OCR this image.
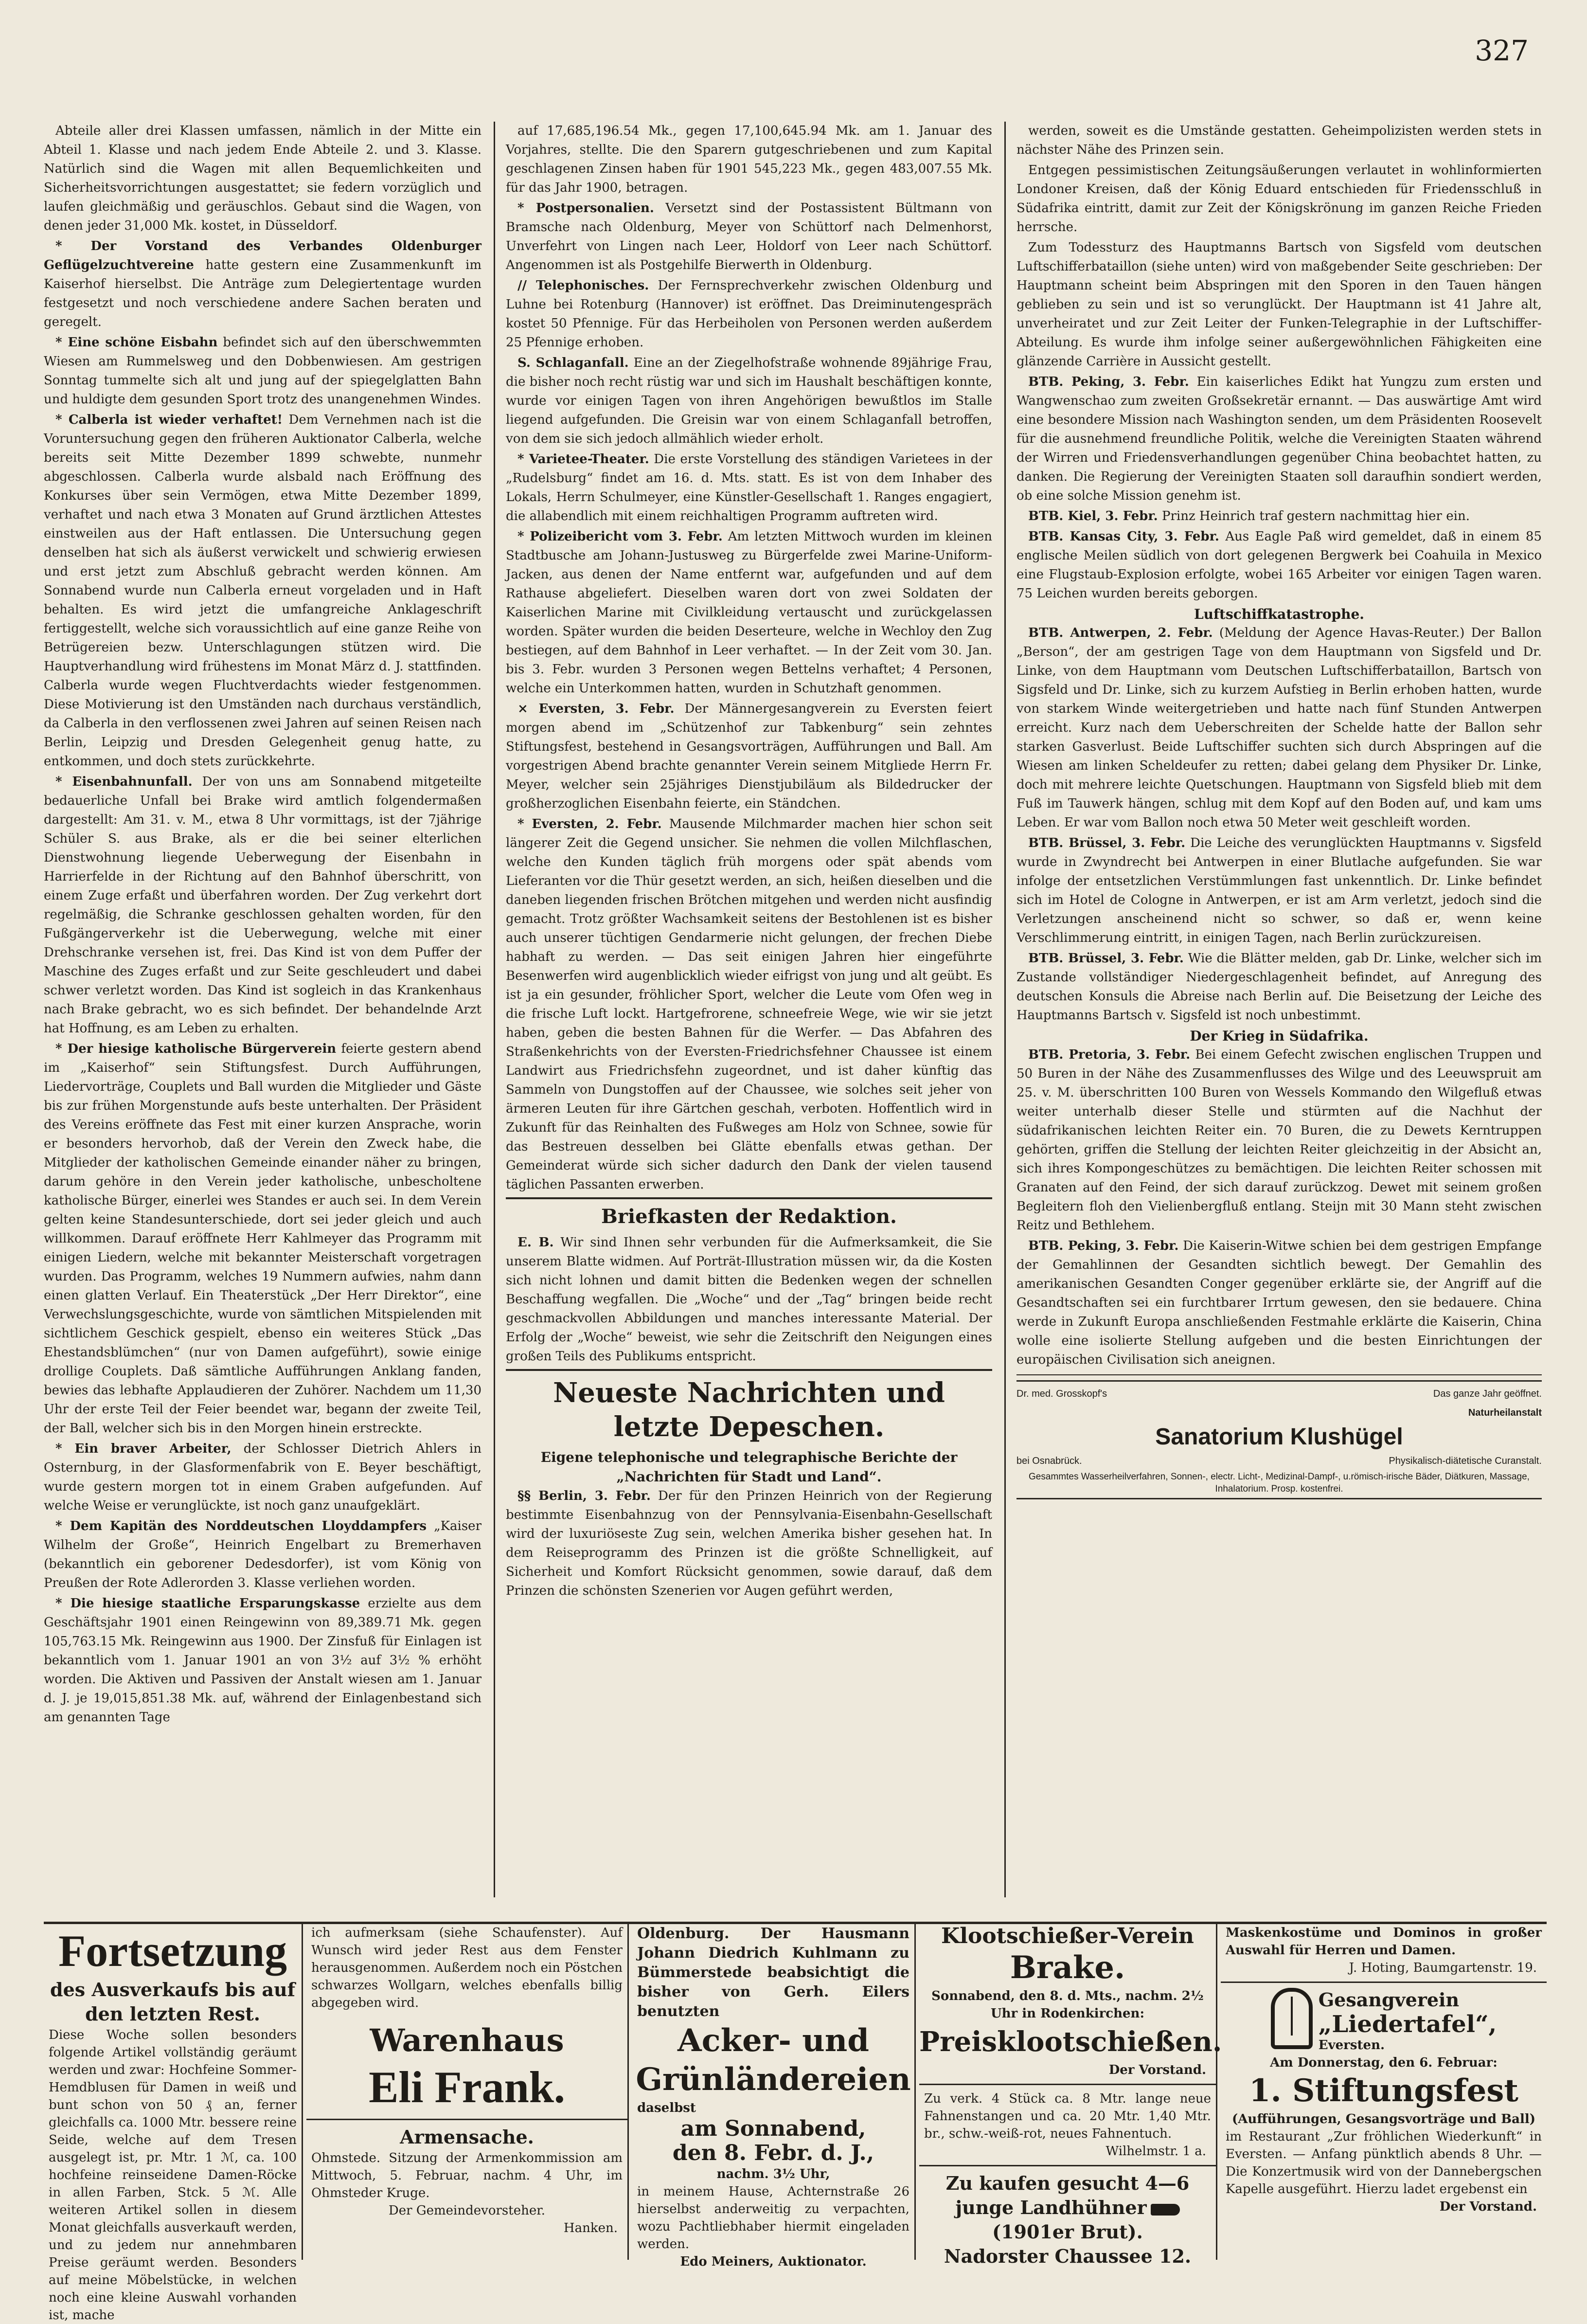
327

Abteile aller drei Klassen umfassen, nämlich in der Mitte ein Abteil 1. Klasse und nach jedem Ende Abteile 2. und 3. Klasse. Natürlich sind die Wagen mit allen Bequemlichkeiten und Sicherheitsvorrichtungen ausgestattet; sie federn vorzüglich und laufen gleichmäßig und geräuschlos. Gebaut sind die Wagen, von denen jeder 31,000 Mk. kostet, in Düsseldorf.

* Der Vorstand des Verbandes Oldenburger Geflügelzuchtvereine hatte gestern eine Zusammenkunft im Kaiserhof hierselbst. Die Anträge zum Delegiertentage wurden festgesetzt und noch verschiedene andere Sachen beraten und geregelt.

* Eine schöne Eisbahn befindet sich auf den überschwemmten Wiesen am Rummelsweg und den Dobbenwiesen. Am gestrigen Sonntag tummelte sich alt und jung auf der spiegelglatten Bahn und huldigte dem gesunden Sport trotz des unangenehmen Windes.

* Calberla ist wieder verhaftet! Dem Vernehmen nach ist die Voruntersuchung gegen den früheren Auktionator Calberla, welche bereits seit Mitte Dezember 1899 schwebte, nunmehr abgeschlossen. Calberla wurde alsbald nach Eröffnung des Konkurses über sein Vermögen, etwa Mitte Dezember 1899, verhaftet und nach etwa 3 Monaten auf Grund ärztlichen Attestes einstweilen aus der Haft entlassen. Die Untersuchung gegen denselben hat sich als äußerst verwickelt und schwierig erwiesen und erst jetzt zum Abschluß gebracht werden können. Am Sonnabend wurde nun Calberla erneut vorgeladen und in Haft behalten. Es wird jetzt die umfangreiche Anklageschrift fertiggestellt, welche sich voraussichtlich auf eine ganze Reihe von Betrügereien bezw. Unterschlagungen stützen wird. Die Hauptverhandlung wird frühestens im Monat März d. J. stattfinden. Calberla wurde wegen Fluchtverdachts wieder festgenommen. Diese Motivierung ist den Umständen nach durchaus verständlich, da Calberla in den verflossenen zwei Jahren auf seinen Reisen nach Berlin, Leipzig und Dresden Gelegenheit genug hatte, zu entkommen, und doch stets zurückkehrte.

* Eisenbahnunfall. Der von uns am Sonnabend mitgeteilte bedauerliche Unfall bei Brake wird amtlich folgendermaßen dargestellt: Am 31. v. M., etwa 8 Uhr vormittags, ist der 7jährige Schüler S. aus Brake, als er die bei seiner elterlichen Dienstwohnung liegende Ueberwegung der Eisenbahn in Harrierfelde in der Richtung auf den Bahnhof überschritt, von einem Zuge erfaßt und überfahren worden. Der Zug verkehrt dort regelmäßig, die Schranke geschlossen gehalten worden, für den Fußgängerverkehr ist die Ueberwegung, welche mit einer Drehschranke versehen ist, frei. Das Kind ist von dem Puffer der Maschine des Zuges erfaßt und zur Seite geschleudert und dabei schwer verletzt worden. Das Kind ist sogleich in das Krankenhaus nach Brake gebracht, wo es sich befindet. Der behandelnde Arzt hat Hoffnung, es am Leben zu erhalten.

* Der hiesige katholische Bürgerverein feierte gestern abend im „Kaiserhof“ sein Stiftungsfest. Durch Aufführungen, Liedervorträge, Couplets und Ball wurden die Mitglieder und Gäste bis zur frühen Morgenstunde aufs beste unterhalten. Der Präsident des Vereins eröffnete das Fest mit einer kurzen Ansprache, worin er besonders hervorhob, daß der Verein den Zweck habe, die Mitglieder der katholischen Gemeinde einander näher zu bringen, darum gehöre in den Verein jeder katholische, unbescholtene katholische Bürger, einerlei wes Standes er auch sei. In dem Verein gelten keine Standesunterschiede, dort sei jeder gleich und auch willkommen. Darauf eröffnete Herr Kahlmeyer das Programm mit einigen Liedern, welche mit bekannter Meisterschaft vorgetragen wurden. Das Programm, welches 19 Nummern aufwies, nahm dann einen glatten Verlauf. Ein Theaterstück „Der Herr Direktor“, eine Verwechslungsgeschichte, wurde von sämtlichen Mitspielenden mit sichtlichem Geschick gespielt, ebenso ein weiteres Stück „Das Ehestandsblümchen“ (nur von Damen aufgeführt), sowie einige drollige Couplets. Daß sämtliche Aufführungen Anklang fanden, bewies das lebhafte Applaudieren der Zuhörer. Nachdem um 11,30 Uhr der erste Teil der Feier beendet war, begann der zweite Teil, der Ball, welcher sich bis in den Morgen hinein erstreckte.

* Ein braver Arbeiter, der Schlosser Dietrich Ahlers in Osternburg, in der Glasformenfabrik von E. Beyer beschäftigt, wurde gestern morgen tot in einem Graben aufgefunden. Auf welche Weise er verunglückte, ist noch ganz unaufgeklärt.

* Dem Kapitän des Norddeutschen Lloyddampfers „Kaiser Wilhelm der Große“, Heinrich Engelbart zu Bremerhaven (bekanntlich ein geborener Dedesdorfer), ist vom König von Preußen der Rote Adlerorden 3. Klasse verliehen worden.

* Die hiesige staatliche Ersparungskasse erzielte aus dem Geschäftsjahr 1901 einen Reingewinn von 89,389.71 Mk. gegen 105,763.15 Mk. Reingewinn aus 1900. Der Zinsfuß für Einlagen ist bekanntlich vom 1. Januar 1901 an von 3½ auf 3½ % erhöht worden. Die Aktiven und Passiven der Anstalt wiesen am 1. Januar d. J. je 19,015,851.38 Mk. auf, während der Einlagenbestand sich am genannten Tage

auf 17,685,196.54 Mk., gegen 17,100,645.94 Mk. am 1. Januar des Vorjahres, stellte. Die den Sparern gutgeschriebenen und zum Kapital geschlagenen Zinsen haben für 1901 545,223 Mk., gegen 483,007.55 Mk. für das Jahr 1900, betragen.

* Postpersonalien. Versetzt sind der Postassistent Bültmann von Bramsche nach Oldenburg, Meyer von Schüttorf nach Delmenhorst, Unverfehrt von Lingen nach Leer, Holdorf von Leer nach Schüttorf. Angenommen ist als Postgehilfe Bierwerth in Oldenburg.

// Telephonisches. Der Fernsprechverkehr zwischen Oldenburg und Luhne bei Rotenburg (Hannover) ist eröffnet. Das Dreiminutengespräch kostet 50 Pfennige. Für das Herbeiholen von Personen werden außerdem 25 Pfennige erhoben.

S. Schlaganfall. Eine an der Ziegelhofstraße wohnende 89jährige Frau, die bisher noch recht rüstig war und sich im Haushalt beschäftigen konnte, wurde vor einigen Tagen von ihren Angehörigen bewußtlos im Stalle liegend aufgefunden. Die Greisin war von einem Schlaganfall betroffen, von dem sie sich jedoch allmählich wieder erholt.

* Varietee-Theater. Die erste Vorstellung des ständigen Varietees in der „Rudelsburg“ findet am 16. d. Mts. statt. Es ist von dem Inhaber des Lokals, Herrn Schulmeyer, eine Künstler-Gesellschaft 1. Ranges engagiert, die allabendlich mit einem reichhaltigen Programm auftreten wird.

* Polizeibericht vom 3. Febr. Am letzten Mittwoch wurden im kleinen Stadtbusche am Johann-Justusweg zu Bürgerfelde zwei Marine-Uniform-Jacken, aus denen der Name entfernt war, aufgefunden und auf dem Rathause abgeliefert. Dieselben waren dort von zwei Soldaten der Kaiserlichen Marine mit Civilkleidung vertauscht und zurückgelassen worden. Später wurden die beiden Deserteure, welche in Wechloy den Zug bestiegen, auf dem Bahnhof in Leer verhaftet. — In der Zeit vom 30. Jan. bis 3. Febr. wurden 3 Personen wegen Bettelns verhaftet; 4 Personen, welche ein Unterkommen hatten, wurden in Schutzhaft genommen.

× Eversten, 3. Febr. Der Männergesangverein zu Eversten feiert morgen abend im „Schützenhof zur Tabkenburg“ sein zehntes Stiftungsfest, bestehend in Gesangsvorträgen, Aufführungen und Ball. Am vorgestrigen Abend brachte genannter Verein seinem Mitgliede Herrn Fr. Meyer, welcher sein 25jähriges Dienstjubiläum als Bildedrucker der großherzoglichen Eisenbahn feierte, ein Ständchen.

* Eversten, 2. Febr. Mausende Milchmarder machen hier schon seit längerer Zeit die Gegend unsicher. Sie nehmen die vollen Milchflaschen, welche den Kunden täglich früh morgens oder spät abends vom Lieferanten vor die Thür gesetzt werden, an sich, heißen dieselben und die daneben liegenden frischen Brötchen mitgehen und werden nicht ausfindig gemacht. Trotz größter Wachsamkeit seitens der Bestohlenen ist es bisher auch unserer tüchtigen Gendarmerie nicht gelungen, der frechen Diebe habhaft zu werden. — Das seit einigen Jahren hier eingeführte Besenwerfen wird augenblicklich wieder eifrigst von jung und alt geübt. Es ist ja ein gesunder, fröhlicher Sport, welcher die Leute vom Ofen weg in die frische Luft lockt. Hartgefrorene, schneefreie Wege, wie wir sie jetzt haben, geben die besten Bahnen für die Werfer. — Das Abfahren des Straßenkehrichts von der Eversten-Friedrichsfehner Chaussee ist einem Landwirt aus Friedrichsfehn zugeordnet, und ist daher künftig das Sammeln von Dungstoffen auf der Chaussee, wie solches seit jeher von ärmeren Leuten für ihre Gärtchen geschah, verboten. Hoffentlich wird in Zukunft für das Reinhalten des Fußweges am Holz von Schnee, sowie für das Bestreuen desselben bei Glätte ebenfalls etwas gethan. Der Gemeinderat würde sich sicher dadurch den Dank der vielen tausend täglichen Passanten erwerben.

Briefkasten der Redaktion.

E. B. Wir sind Ihnen sehr verbunden für die Aufmerksamkeit, die Sie unserem Blatte widmen. Auf Porträt-Illustration müssen wir, da die Kosten sich nicht lohnen und damit bitten die Bedenken wegen der schnellen Beschaffung wegfallen. Die „Woche“ und der „Tag“ bringen beide recht geschmackvollen Abbildungen und manches interessante Material. Der Erfolg der „Woche“ beweist, wie sehr die Zeitschrift den Neigungen eines großen Teils des Publikums entspricht.

Neueste Nachrichten und letzte Depeschen.
Eigene telephonische und telegraphische Berichte der „Nachrichten für Stadt und Land“.

§§ Berlin, 3. Febr. Der für den Prinzen Heinrich von der Regierung bestimmte Eisenbahnzug von der Pennsylvania-Eisenbahn-Gesellschaft wird der luxuriöseste Zug sein, welchen Amerika bisher gesehen hat. In dem Reiseprogramm des Prinzen ist die größte Schnelligkeit, auf Sicherheit und Komfort Rücksicht genommen, sowie darauf, daß dem Prinzen die schönsten Szenerien vor Augen geführt werden,

werden, soweit es die Umstände gestatten. Geheimpolizisten werden stets in nächster Nähe des Prinzen sein.

Entgegen pessimistischen Zeitungsäußerungen verlautet in wohlinformierten Londoner Kreisen, daß der König Eduard entschieden für Friedensschluß in Südafrika eintritt, damit zur Zeit der Königskrönung im ganzen Reiche Frieden herrsche.

Zum Todessturz des Hauptmanns Bartsch von Sigsfeld vom deutschen Luftschifferbataillon (siehe unten) wird von maßgebender Seite geschrieben: Der Hauptmann scheint beim Abspringen mit den Sporen in den Tauen hängen geblieben zu sein und ist so verunglückt. Der Hauptmann ist 41 Jahre alt, unverheiratet und zur Zeit Leiter der Funken-Telegraphie in der Luftschiffer-Abteilung. Es wurde ihm infolge seiner außergewöhnlichen Fähigkeiten eine glänzende Carrière in Aussicht gestellt.

BTB. Peking, 3. Febr. Ein kaiserliches Edikt hat Yungzu zum ersten und Wangwenschao zum zweiten Großsekretär ernannt. — Das auswärtige Amt wird eine besondere Mission nach Washington senden, um dem Präsidenten Roosevelt für die ausnehmend freundliche Politik, welche die Vereinigten Staaten während der Wirren und Friedensverhandlungen gegenüber China beobachtet hatten, zu danken. Die Regierung der Vereinigten Staaten soll daraufhin sondiert werden, ob eine solche Mission genehm ist.

BTB. Kiel, 3. Febr. Prinz Heinrich traf gestern nachmittag hier ein.

BTB. Kansas City, 3. Febr. Aus Eagle Paß wird gemeldet, daß in einem 85 englische Meilen südlich von dort gelegenen Bergwerk bei Coahuila in Mexico eine Flugstaub-Explosion erfolgte, wobei 165 Arbeiter vor einigen Tagen waren. 75 Leichen wurden bereits geborgen.

Luftschiffkatastrophe.

BTB. Antwerpen, 2. Febr. (Meldung der Agence Havas-Reuter.) Der Ballon „Berson“, der am gestrigen Tage von dem Hauptmann von Sigsfeld und Dr. Linke, von dem Hauptmann vom Deutschen Luftschifferbataillon, Bartsch von Sigsfeld und Dr. Linke, sich zu kurzem Aufstieg in Berlin erhoben hatten, wurde von starkem Winde weitergetrieben und hatte nach fünf Stunden Antwerpen erreicht. Kurz nach dem Ueberschreiten der Schelde hatte der Ballon sehr starken Gasverlust. Beide Luftschiffer suchten sich durch Abspringen auf die Wiesen am linken Scheldeufer zu retten; dabei gelang dem Physiker Dr. Linke, doch mit mehrere leichte Quetschungen. Hauptmann von Sigsfeld blieb mit dem Fuß im Tauwerk hängen, schlug mit dem Kopf auf den Boden auf, und kam ums Leben. Er war vom Ballon noch etwa 50 Meter weit geschleift worden.

BTB. Brüssel, 3. Febr. Die Leiche des verunglückten Hauptmanns v. Sigsfeld wurde in Zwyndrecht bei Antwerpen in einer Blutlache aufgefunden. Sie war infolge der entsetzlichen Verstümmlungen fast unkenntlich. Dr. Linke befindet sich im Hotel de Cologne in Antwerpen, er ist am Arm verletzt, jedoch sind die Verletzungen anscheinend nicht so schwer, so daß er, wenn keine Verschlimmerung eintritt, in einigen Tagen, nach Berlin zurückzureisen.

BTB. Brüssel, 3. Febr. Wie die Blätter melden, gab Dr. Linke, welcher sich im Zustande vollständiger Niedergeschlagenheit befindet, auf Anregung des deutschen Konsuls die Abreise nach Berlin auf. Die Beisetzung der Leiche des Hauptmanns Bartsch v. Sigsfeld ist noch unbestimmt.

Der Krieg in Südafrika.

BTB. Pretoria, 3. Febr. Bei einem Gefecht zwischen englischen Truppen und 50 Buren in der Nähe des Zusammenflusses des Wilge und des Leeuwspruit am 25. v. M. überschritten 100 Buren von Wessels Kommando den Wilgefluß etwas weiter unterhalb dieser Stelle und stürmten auf die Nachhut der südafrikanischen leichten Reiter ein. 70 Buren, die zu Dewets Kerntruppen gehörten, griffen die Stellung der leichten Reiter gleichzeitig in der Absicht an, sich ihres Kompongeschützes zu bemächtigen. Die leichten Reiter schossen mit Granaten auf den Feind, der sich darauf zurückzog. Dewet mit seinem großen Begleitern floh den Vielienbergfluß entlang. Steijn mit 30 Mann steht zwischen Reitz und Bethlehem.

BTB. Peking, 3. Febr. Die Kaiserin-Witwe schien bei dem gestrigen Empfange der Gemahlinnen der Gesandten sichtlich bewegt. Der Gemahlin des amerikanischen Gesandten Conger gegenüber erklärte sie, der Angriff auf die Gesandtschaften sei ein furchtbarer Irrtum gewesen, den sie bedauere. China werde in Zukunft Europa anschließenden Festmahle erklärte die Kaiserin, China wolle eine isolierte Stellung aufgeben und die besten Einrichtungen der europäischen Civilisation sich aneignen.

Dr. med. Grosskopf's	Das ganze Jahr geöffnet.
Naturheilanstalt
Sanatorium Klushügel
bei Osnabrück.	Physikalisch-diätetische Curanstalt.
Gesammtes Wasserheilverfahren, Sonnen-, electr. Licht-, Medizinal-Dampf-, u.römisch-irische Bäder, Diätkuren, Massage, Inhalatorium. Prosp. kostenfrei.
Fortsetzung
des Ausverkaufs bis auf den letzten Rest.
Diese Woche sollen besonders folgende Artikel vollständig geräumt werden und zwar: Hochfeine Sommer-Hemdblusen für Damen in weiß und bunt schon von 50 ₰ an, ferner gleichfalls ca. 1000 Mtr. bessere reine Seide, welche auf dem Tresen ausgelegt ist, pr. Mtr. 1 ℳ, ca. 100 hochfeine reinseidene Damen-Röcke in allen Farben, Stck. 5 ℳ. Alle weiteren Artikel sollen in diesem Monat gleichfalls ausverkauft werden, und zu jedem nur annehmbaren Preise geräumt werden. Besonders auf meine Möbelstücke, in welchen noch eine kleine Auswahl vorhanden ist, mache
ich aufmerksam (siehe Schaufenster). Auf Wunsch wird jeder Rest aus dem Fenster herausgenommen. Außerdem noch ein Pöstchen schwarzes Wollgarn, welches ebenfalls billig abgegeben wird.
Warenhaus
Eli Frank.
Armensache.
Ohmstede. Sitzung der Armenkommission am Mittwoch, 5. Februar, nachm. 4 Uhr, im Ohmsteder Kruge.
Der Gemeindevorsteher.
Hanken.
Oldenburg. Der Hausmann Johann Diedrich Kuhlmann zu Bümmerstede beabsichtigt die bisher von Gerh. Eilers benutzten
Acker- und
Grünländereien
daselbst
am Sonnabend,
den 8. Febr. d. J.,
nachm. 3½ Uhr,
in meinem Hause, Achternstraße 26 hierselbst anderweitig zu verpachten, wozu Pachtliebhaber hiermit eingeladen werden.
Edo Meiners, Auktionator.
Klootschießer-Verein
Brake.
Sonnabend, den 8. d. Mts., nachm. 2½ Uhr in Rodenkirchen:
Preisklootschießen.
Der Vorstand.
Zu verk. 4 Stück ca. 8 Mtr. lange neue Fahnenstangen und ca. 20 Mtr. 1,40 Mtr. br., schw.-weiß-rot, neues Fahnentuch.
Wilhelmstr. 1 a.
Zu kaufen gesucht 4—6
junge Landhühner
(1901er Brut).
Nadorster Chaussee 12.
Maskenkostüme und Dominos in großer Auswahl für Herren und Damen.
J. Hoting, Baumgartenstr. 19.
Gesangverein
„Liedertafel“,
Eversten.
Am Donnerstag, den 6. Februar:
1. Stiftungsfest
(Aufführungen, Gesangsvorträge und Ball)
im Restaurant „Zur fröhlichen Wiederkunft“ in Eversten. — Anfang pünktlich abends 8 Uhr. — Die Konzertmusik wird von der Dannebergschen Kapelle ausgeführt. Hierzu ladet ergebenst ein
Der Vorstand.
